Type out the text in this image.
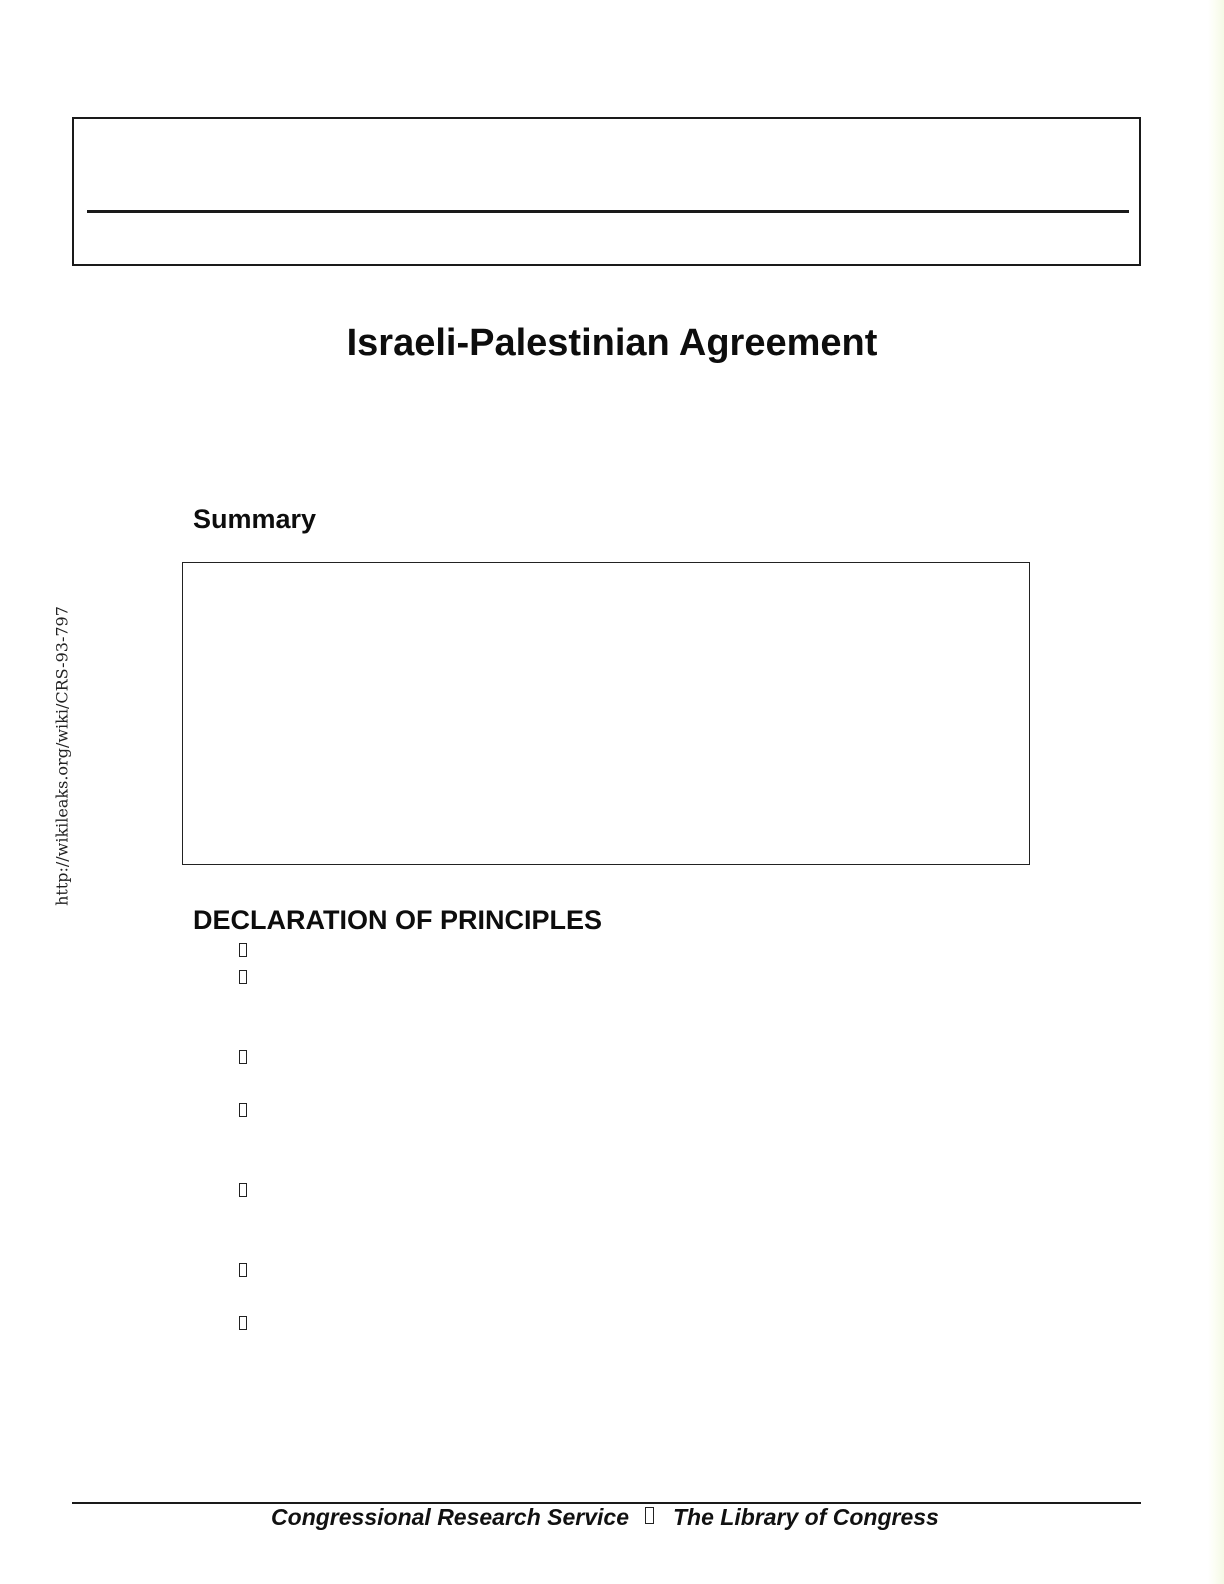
Israeli-Palestinian Agreement
Summary
http://wikileaks.org/wiki/CRS-93-797
DECLARATION OF PRINCIPLES
Congressional Research Service The Library of Congress
